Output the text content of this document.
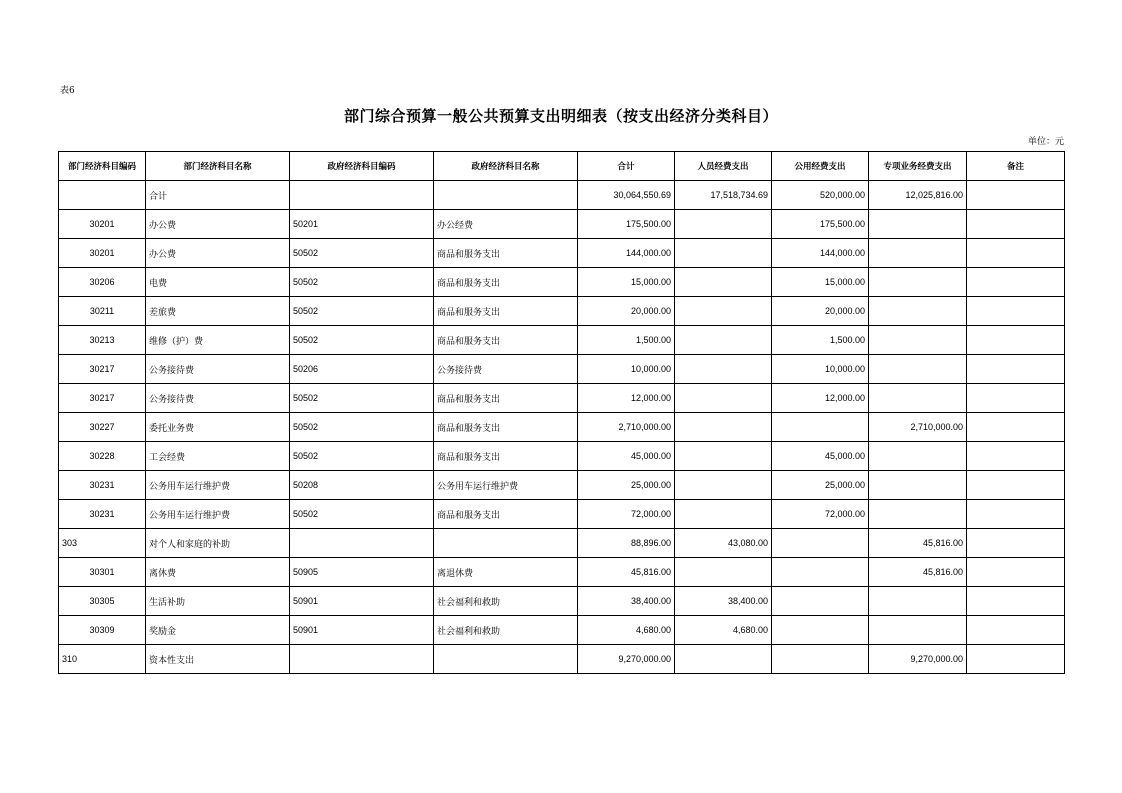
表6
部门综合预算一般公共预算支出明细表（按支出经济分类科目）
单位：元
部门经济科目编码	部门经济科目名称	政府经济科目编码	政府经济科目名称	合计	人员经费支出	公用经费支出	专项业务经费支出	备注
	合计			30,064,550.69	17,518,734.69	520,000.00	12,025,816.00	
30201	办公费	50201	办公经费	175,500.00		175,500.00		
30201	办公费	50502	商品和服务支出	144,000.00		144,000.00		
30206	电费	50502	商品和服务支出	15,000.00		15,000.00		
30211	差旅费	50502	商品和服务支出	20,000.00		20,000.00		
30213	维修（护）费	50502	商品和服务支出	1,500.00		1,500.00		
30217	公务接待费	50206	公务接待费	10,000.00		10,000.00		
30217	公务接待费	50502	商品和服务支出	12,000.00		12,000.00		
30227	委托业务费	50502	商品和服务支出	2,710,000.00			2,710,000.00	
30228	工会经费	50502	商品和服务支出	45,000.00		45,000.00		
30231	公务用车运行维护费	50208	公务用车运行维护费	25,000.00		25,000.00		
30231	公务用车运行维护费	50502	商品和服务支出	72,000.00		72,000.00		
303	对个人和家庭的补助			88,896.00	43,080.00		45,816.00	
30301	离休费	50905	离退休费	45,816.00			45,816.00	
30305	生活补助	50901	社会福利和救助	38,400.00	38,400.00			
30309	奖励金	50901	社会福利和救助	4,680.00	4,680.00			
310	资本性支出			9,270,000.00			9,270,000.00	
